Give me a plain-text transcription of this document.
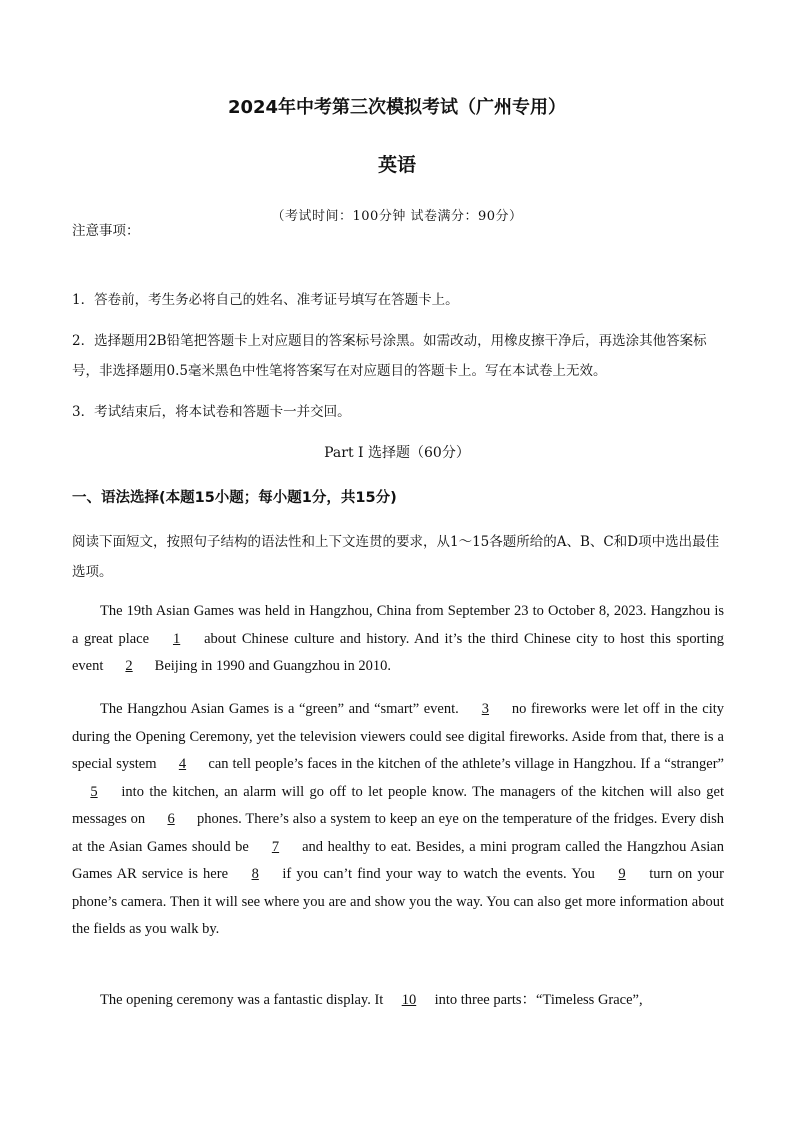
2024年中考第三次模拟考试（广州专用）
英语
（考试时间：100分钟 试卷满分：90分）
注意事项：
1．答卷前，考生务必将自己的姓名、准考证号填写在答题卡上。
2．选择题用2B铅笔把答题卡上对应题目的答案标号涂黑。如需改动，用橡皮擦干净后，再选涂其他答案标号，非选择题用0.5毫米黑色中性笔将答案写在对应题目的答题卡上。写在本试卷上无效。
3．考试结束后，将本试卷和答题卡一并交回。
Part I 选择题（60分）
一、语法选择(本题15小题；每小题1分，共15分)
阅读下面短文，按照句子结构的语法性和上下文连贯的要求，从1～15各题所给的A、B、C和D项中选出最佳选项。

The 19th Asian Games was held in Hangzhou, China from September 23 to October 8, 2023. Hangzhou is a great place 1 about Chinese culture and history. And it’s the third Chinese city to host this sporting event 2 Beijing in 1990 and Guangzhou in 2010.

The Hangzhou Asian Games is a “green” and “smart” event. 3 no fireworks were let off in the city during the Opening Ceremony, yet the television viewers could see digital fireworks. Aside from that, there is a special system 4 can tell people’s faces in the kitchen of the athlete’s village in Hangzhou. If a “stranger” 5 into the kitchen, an alarm will go off to let people know. The managers of the kitchen will also get messages on 6 phones. There’s also a system to keep an eye on the temperature of the fridges. Every dish at the Asian Games should be 7 and healthy to eat. Besides, a mini program called the Hangzhou Asian Games AR service is here 8 if you can’t find your way to watch the events. You 9 turn on your phone’s camera. Then it will see where you are and show you the way. You can also get more information about the fields as you walk by.

The opening ceremony was a fantastic display. It 10 into three parts：“Timeless Grace”,
